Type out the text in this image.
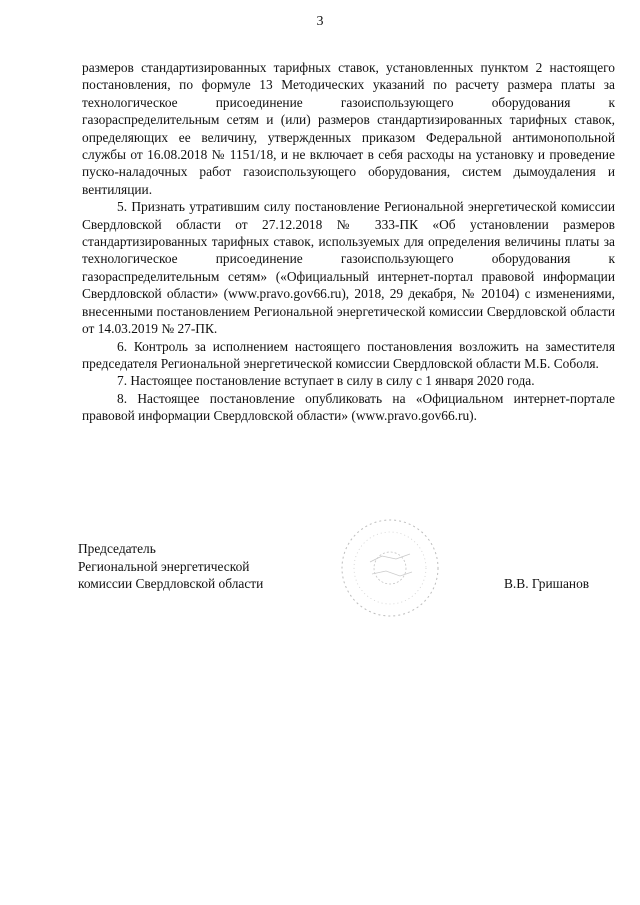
3

размеров стандартизированных тарифных ставок, установленных пунктом 2 настоящего постановления, по формуле 13 Методических указаний по расчету размера платы за технологическое присоединение газоиспользующего оборудования к газораспределительным сетям и (или) размеров стандартизированных тарифных ставок, определяющих ее величину, утвержденных приказом Федеральной антимонопольной службы от 16.08.2018 № 1151/18, и не включает в себя расходы на установку и проведение пуско-наладочных работ газоиспользующего оборудования, систем дымоудаления и вентиляции.

5. Признать утратившим силу постановление Региональной энергетической комиссии Свердловской области от 27.12.2018 № 333-ПК «Об установлении размеров стандартизированных тарифных ставок, используемых для определения величины платы за технологическое присоединение газоиспользующего оборудования к газораспределительным сетям» («Официальный интернет-портал правовой информации Свердловской области» (www.pravo.gov66.ru), 2018, 29 декабря, № 20104) с изменениями, внесенными постановлением Региональной энергетической комиссии Свердловской области от 14.03.2019 № 27-ПК.

6. Контроль за исполнением настоящего постановления возложить на заместителя председателя Региональной энергетической комиссии Свердловской области М.Б. Соболя.

7. Настоящее постановление вступает в силу в силу с 1 января 2020 года.

8. Настоящее постановление опубликовать на «Официальном интернет-портале правовой информации Свердловской области» (www.pravo.gov66.ru).

Председатель
Региональной энергетической
комиссии Свердловской области	В.В. Гришанов
